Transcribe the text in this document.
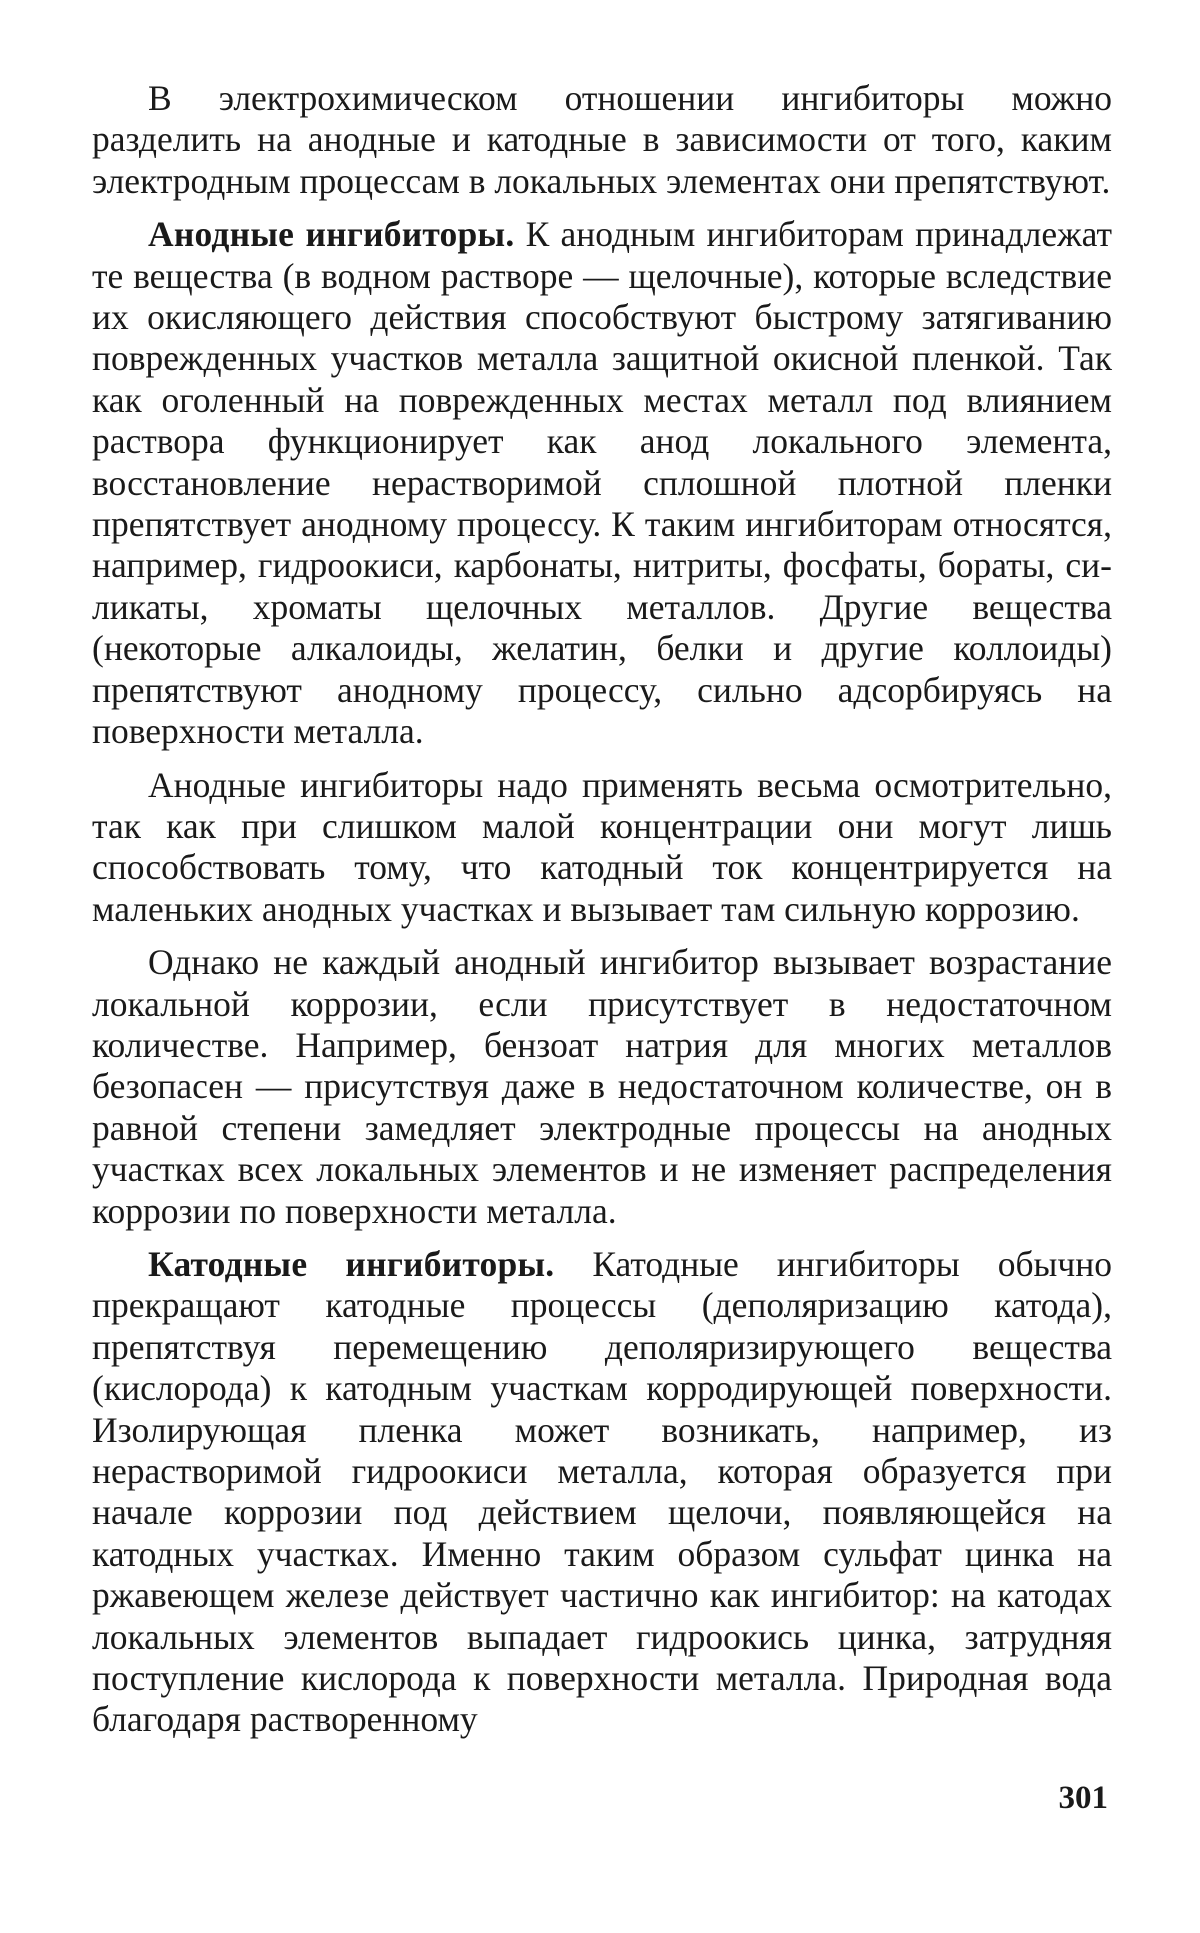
В электрохимическом отношении ингибиторы можно разделить на анодные и катодные в зависимости от того, каким электродным процессам в локальных элементах они препятствуют.

Анодные ингибиторы. К анодным ингибиторам принадлежат те вещества (в водном растворе — щелочные), которые вследствие их окисляющего действия способствуют быстрому затягиванию поврежденных участков металла защитной окисной пленкой. Так как оголенный на поврежденных местах металл под влиянием раствора функционирует как анод локального элемента, восстановление нерастворимой сплошной плотной пленки препятствует анодному процессу. К таким ингибиторам относятся, например, гидроокиси, карбонаты, нитриты, фосфаты, бораты, силикаты, хроматы щелочных металлов. Другие вещества (некоторые алкалоиды, желатин, белки и другие коллоиды) препятствуют анодному процессу, сильно адсорбируясь на поверхности металла.

Анодные ингибиторы надо применять весьма осмотрительно, так как при слишком малой концентрации они могут лишь способствовать тому, что катодный ток концентрируется на маленьких анодных участках и вызывает там сильную коррозию.

Однако не каждый анодный ингибитор вызывает возрастание локальной коррозии, если присутствует в недостаточном количестве. Например, бензоат натрия для многих металлов безопасен — присутствуя даже в недостаточном количестве, он в равной степени замедляет электродные процессы на анодных участках всех локальных элементов и не изменяет распределения коррозии по поверхности металла.

Катодные ингибиторы. Катодные ингибиторы обычно прекращают катодные процессы (деполяризацию катода), препятствуя перемещению деполяризирующего вещества (кислорода) к катодным участкам корродирующей поверхности. Изолирующая пленка может возникать, например, из нерастворимой гидроокиси металла, которая образуется при начале коррозии под действием щелочи, появляющейся на катодных участках. Именно таким образом сульфат цинка на ржавеющем железе действует частично как ингибитор: на катодах локальных элементов выпадает гидроокись цинка, затрудняя поступление кислорода к поверхности металла. Природная вода благодаря растворенному

301
